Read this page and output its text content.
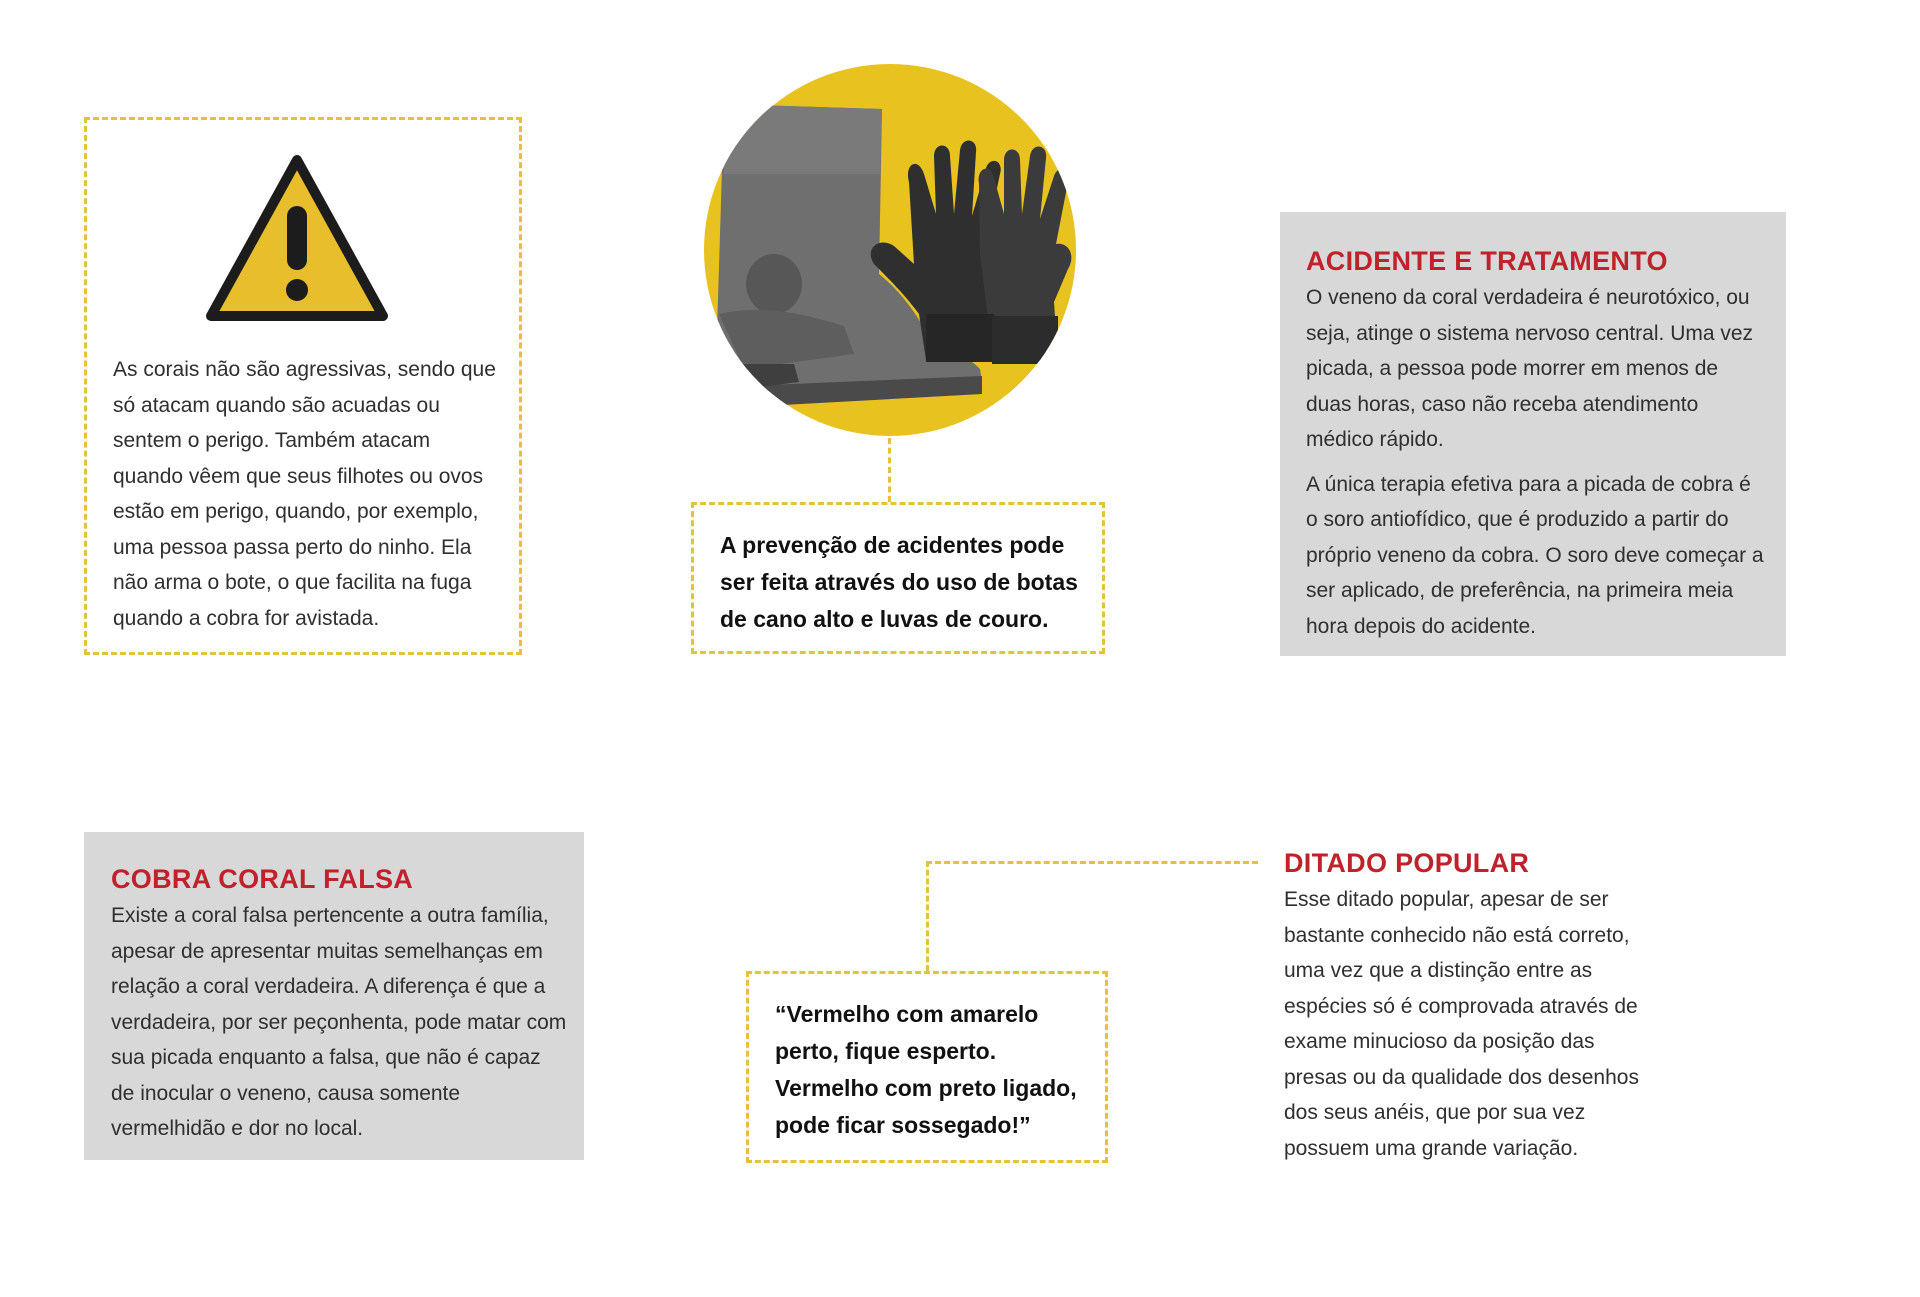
As corais não são agressivas, sendo que só atacam quando são acuadas ou sentem o perigo. Também atacam quando vêem que seus filhotes ou ovos estão em perigo, quando, por exemplo, uma pessoa passa perto do ninho. Ela não arma o bote, o que facilita na fuga quando a cobra for avistada.
A prevenção de acidentes pode ser feita através do uso de botas de cano alto e luvas de couro.
ACIDENTE E TRATAMENTO
O veneno da coral verdadeira é neurotóxico, ou seja, atinge o sistema nervoso central. Uma vez picada, a pessoa pode morrer em menos de duas horas, caso não receba atendimento médico rápido.
A única terapia efetiva para a picada de cobra é o soro antiofídico, que é produzido a partir do próprio veneno da cobra. O soro deve começar a ser aplicado, de preferência, na primeira meia hora depois do acidente.
COBRA CORAL FALSA
Existe a coral falsa pertencente a outra família, apesar de apresentar muitas semelhanças em relação a coral verdadeira. A diferença é que a verdadeira, por ser peçonhenta, pode matar com sua picada enquanto a falsa, que não é capaz de inocular o veneno, causa somente vermelhidão e dor no local.
“Vermelho com amarelo perto, fique esperto. Vermelho com preto ligado, pode ficar sossegado!”
DITADO POPULAR
Esse ditado popular, apesar de ser bastante conhecido não está correto, uma vez que a distinção entre as espécies só é comprovada através de exame minucioso da posição das presas ou da qualidade dos desenhos dos seus anéis, que por sua vez possuem uma grande variação.
